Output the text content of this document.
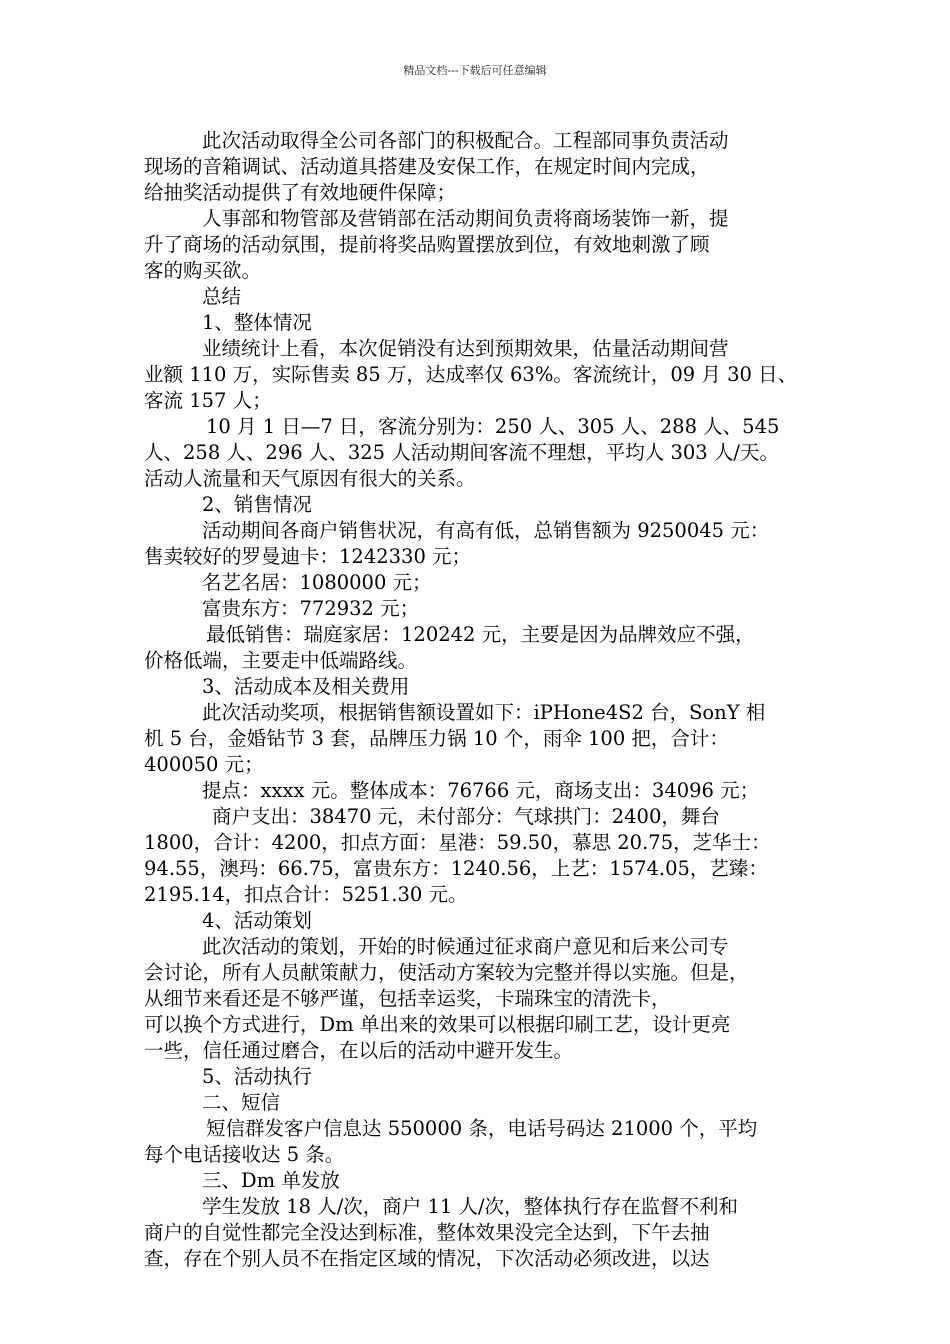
精品文档---下载后可任意编辑

此次活动取得全公司各部门的积极配合。工程部同事负责活动

现场的音箱调试、活动道具搭建及安保工作，在规定时间内完成，

给抽奖活动提供了有效地硬件保障；

人事部和物管部及营销部在活动期间负责将商场装饰一新，提

升了商场的活动氛围，提前将奖品购置摆放到位，有效地刺激了顾

客的购买欲。

总结

1、整体情况

业绩统计上看，本次促销没有达到预期效果，估量活动期间营

业额 110 万，实际售卖 85 万，达成率仅 63%。客流统计，09 月 30 日、

客流 157 人；

10 月 1 日—7 日，客流分别为：250 人、305 人、288 人、545

人、258 人、296 人、325 人活动期间客流不理想，平均人 303 人/天。

活动人流量和天气原因有很大的关系。

2、销售情况

活动期间各商户销售状况，有高有低，总销售额为 9250045 元：

售卖较好的罗曼迪卡：1242330 元；

名艺名居：1080000 元；

富贵东方：772932 元；

最低销售：瑞庭家居：120242 元，主要是因为品牌效应不强，

价格低端，主要走中低端路线。

3、活动成本及相关费用

此次活动奖项，根据销售额设置如下：iPHone4S2 台，SonY 相

机 5 台，金婚钻节 3 套，品牌压力锅 10 个，雨伞 100 把，合计：

400050 元；

提点：xxxx 元。整体成本：76766 元，商场支出：34096 元；

商户支出：38470 元，未付部分：气球拱门：2400，舞台

1800，合计：4200，扣点方面：星港：59.50，慕思 20.75，芝华士：

94.55，澳玛：66.75，富贵东方：1240.56，上艺：1574.05，艺臻：

2195.14，扣点合计：5251.30 元。

4、活动策划

此次活动的策划，开始的时候通过征求商户意见和后来公司专

会讨论，所有人员献策献力，使活动方案较为完整并得以实施。但是，

从细节来看还是不够严谨，包括幸运奖，卡瑞珠宝的清洗卡，

可以换个方式进行，Dm 单出来的效果可以根据印刷工艺，设计更亮

一些，信任通过磨合，在以后的活动中避开发生。

5、活动执行

二、短信

短信群发客户信息达 550000 条，电话号码达 21000 个，平均

每个电话接收达 5 条。

三、Dm 单发放

学生发放 18 人/次，商户 11 人/次，整体执行存在监督不利和

商户的自觉性都完全没达到标准，整体效果没完全达到，下午去抽

查，存在个别人员不在指定区域的情况，下次活动必须改进，以达
